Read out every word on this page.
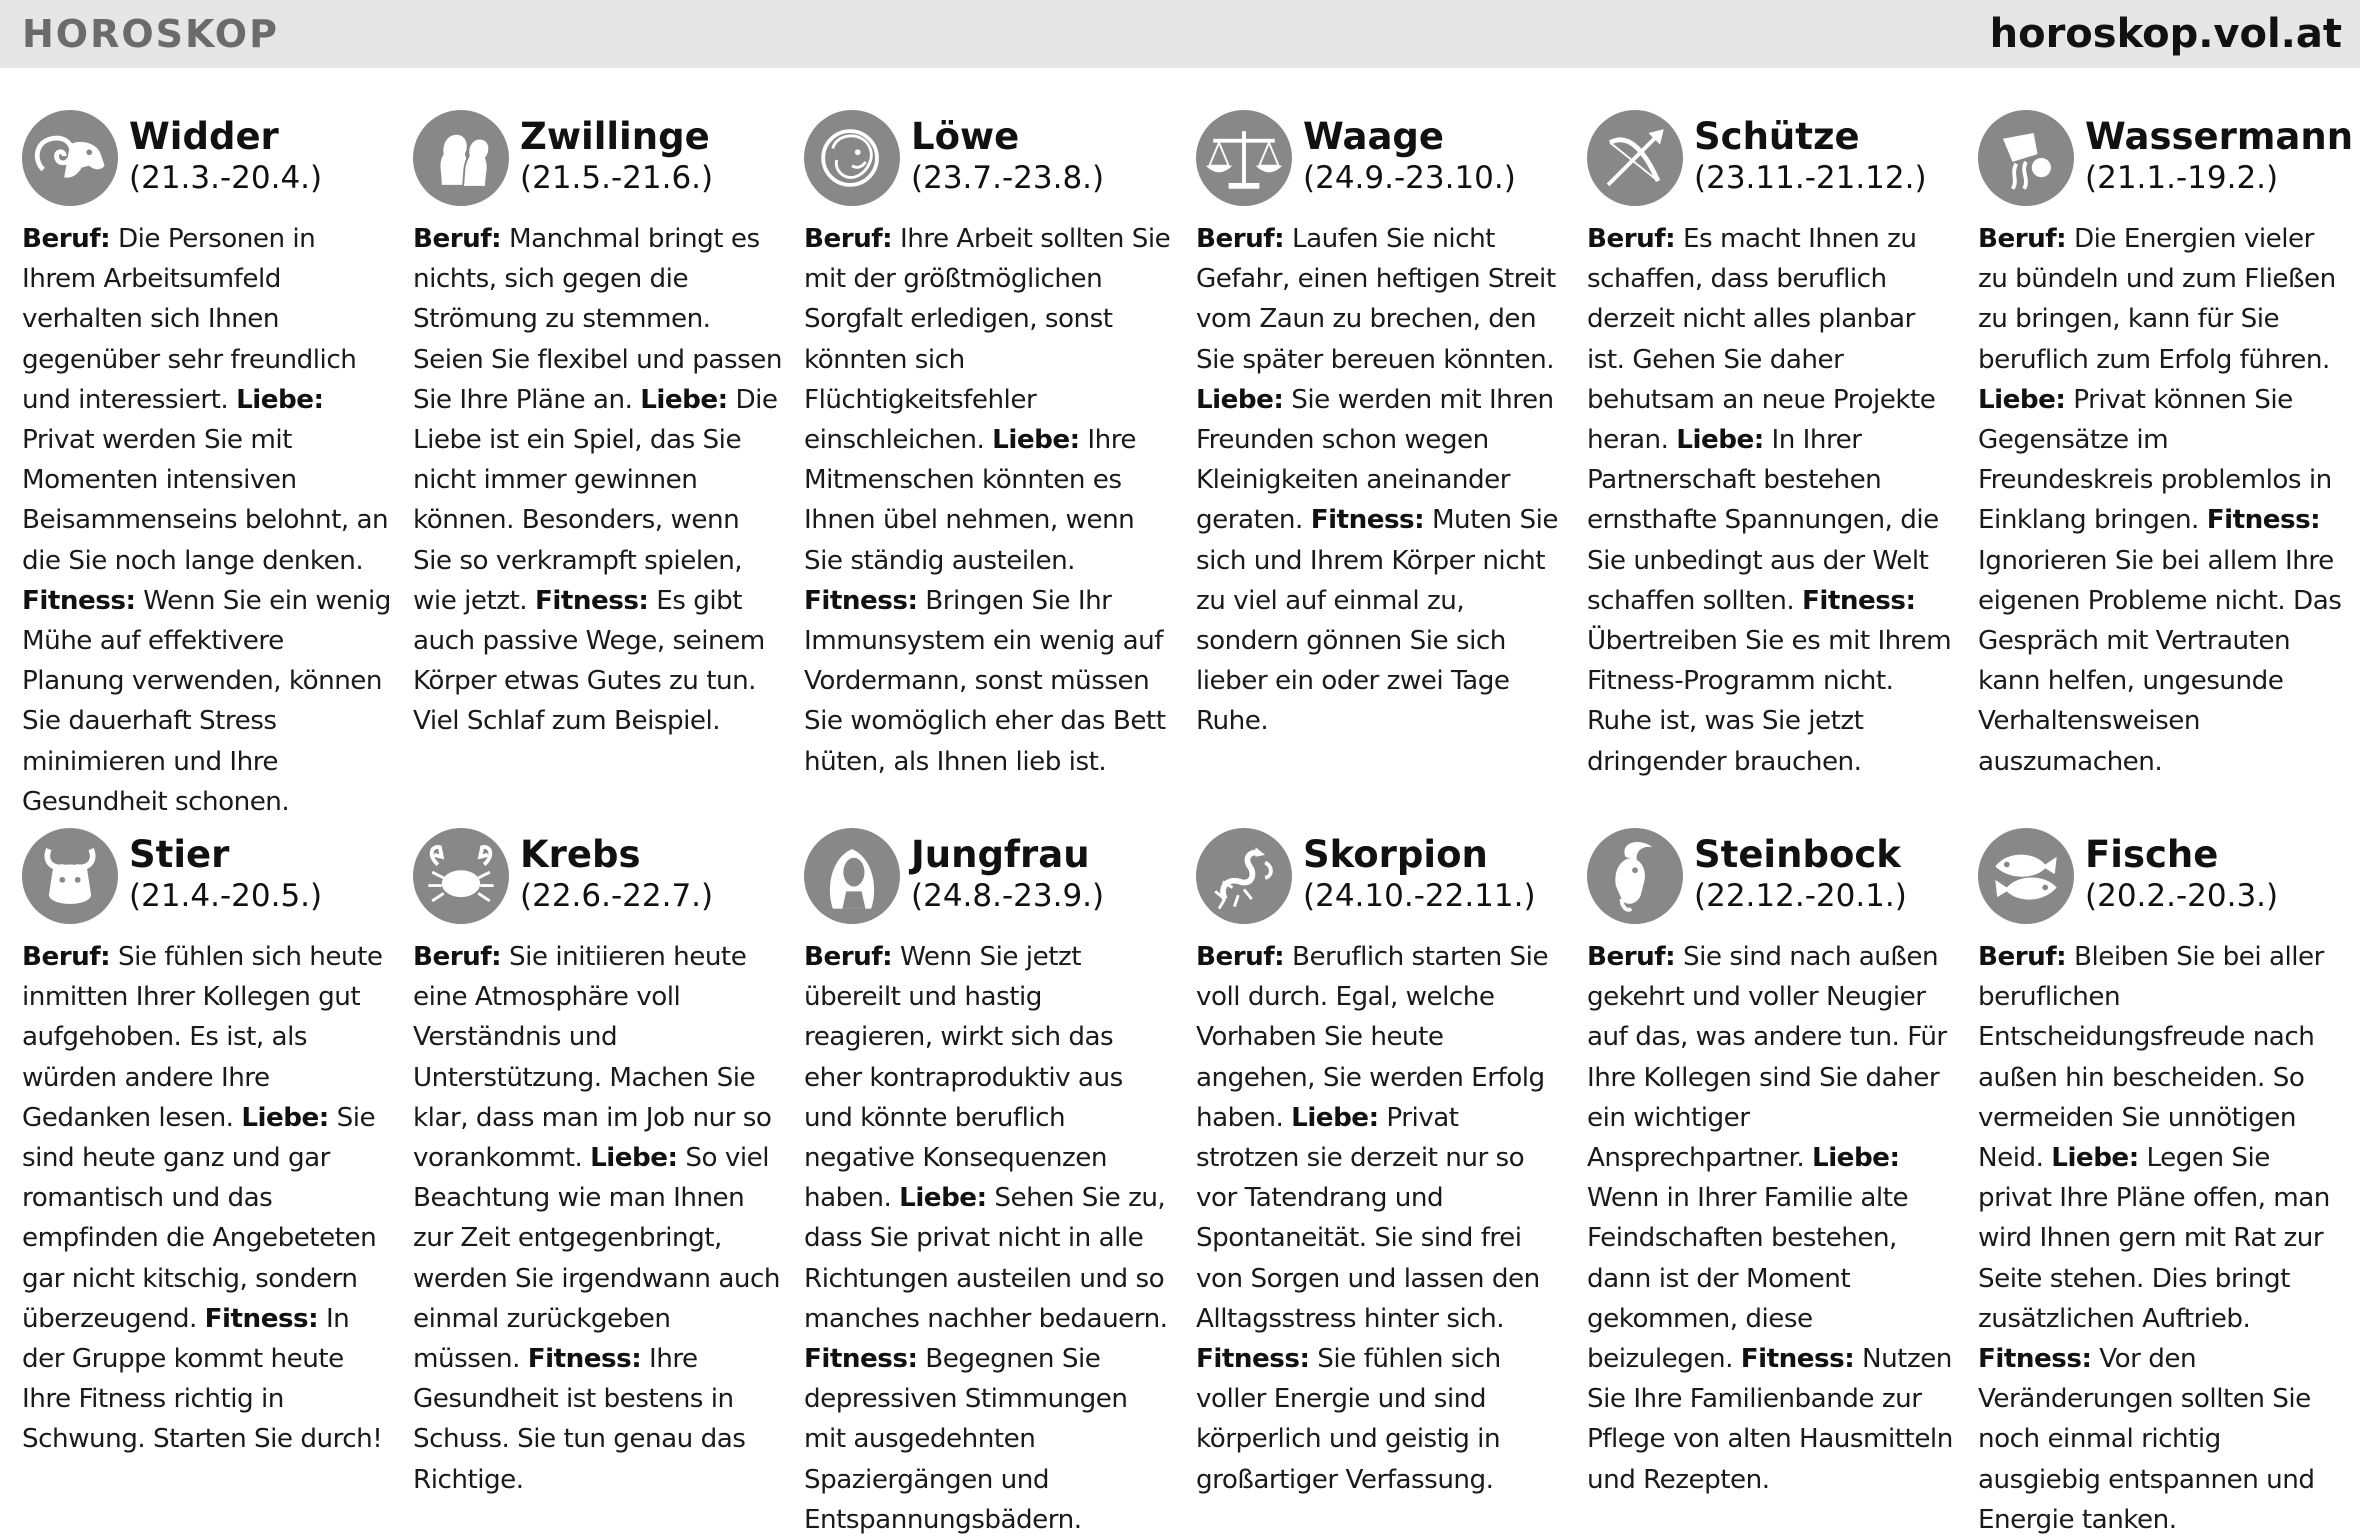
HOROSKOP	horoskop.vol.at
Widder
(21.3.-20.4.)
Beruf: Die Personen in Ihrem Arbeitsumfeld verhalten sich Ihnen gegenüber sehr freundlich und interessiert. Liebe: Privat werden Sie mit Momenten intensiven Beisammenseins belohnt, an die Sie noch lange denken. Fitness: Wenn Sie ein wenig Mühe auf effektivere Planung verwenden, können Sie dauerhaft Stress minimieren und Ihre Gesundheit schonen.
Zwillinge
(21.5.-21.6.)
Beruf: Manchmal bringt es nichts, sich gegen die Strömung zu stemmen. Seien Sie flexibel und passen Sie Ihre Pläne an. Liebe: Die Liebe ist ein Spiel, das Sie nicht immer gewinnen können. Besonders, wenn Sie so verkrampft spielen, wie jetzt. Fitness: Es gibt auch passive Wege, seinem Körper etwas Gutes zu tun. Viel Schlaf zum Beispiel.
Löwe
(23.7.-23.8.)
Beruf: Ihre Arbeit sollten Sie mit der größtmöglichen Sorgfalt erledigen, sonst könnten sich Flüchtigkeitsfehler einschleichen. Liebe: Ihre Mitmenschen könnten es Ihnen übel nehmen, wenn Sie ständig austeilen. Fitness: Bringen Sie Ihr Immunsystem ein wenig auf Vordermann, sonst müssen Sie womöglich eher das Bett hüten, als Ihnen lieb ist.
Waage
(24.9.-23.10.)
Beruf: Laufen Sie nicht Gefahr, einen heftigen Streit vom Zaun zu brechen, den Sie später bereuen könnten. Liebe: Sie werden mit Ihren Freunden schon wegen Kleinigkeiten aneinander geraten. Fitness: Muten Sie sich und Ihrem Körper nicht zu viel auf einmal zu, sondern gönnen Sie sich lieber ein oder zwei Tage Ruhe.
Schütze
(23.11.-21.12.)
Beruf: Es macht Ihnen zu schaffen, dass beruflich derzeit nicht alles planbar ist. Gehen Sie daher behutsam an neue Projekte heran. Liebe: In Ihrer Partnerschaft bestehen ernsthafte Spannungen, die Sie unbedingt aus der Welt schaffen sollten. Fitness: Übertreiben Sie es mit Ihrem Fitness-Programm nicht. Ruhe ist, was Sie jetzt dringender brauchen.
Wassermann
(21.1.-19.2.)
Beruf: Die Energien vieler zu bündeln und zum Fließen zu bringen, kann für Sie beruflich zum Erfolg führen. Liebe: Privat können Sie Gegensätze im Freundeskreis problemlos in Einklang bringen. Fitness: Ignorieren Sie bei allem Ihre eigenen Probleme nicht. Das Gespräch mit Vertrauten kann helfen, ungesunde Verhaltensweisen auszumachen.
Stier
(21.4.-20.5.)
Beruf: Sie fühlen sich heute inmitten Ihrer Kollegen gut aufgehoben. Es ist, als würden andere Ihre Gedanken lesen. Liebe: Sie sind heute ganz und gar romantisch und das empfinden die Angebeteten gar nicht kitschig, sondern überzeugend. Fitness: In der Gruppe kommt heute Ihre Fitness richtig in Schwung. Starten Sie durch!
Krebs
(22.6.-22.7.)
Beruf: Sie initiieren heute eine Atmosphäre voll Verständnis und Unterstützung. Machen Sie klar, dass man im Job nur so vorankommt. Liebe: So viel Beachtung wie man Ihnen zur Zeit entgegenbringt, werden Sie irgendwann auch einmal zurückgeben müssen. Fitness: Ihre Gesundheit ist bestens in Schuss. Sie tun genau das Richtige.
Jungfrau
(24.8.-23.9.)
Beruf: Wenn Sie jetzt übereilt und hastig reagieren, wirkt sich das eher kontraproduktiv aus und könnte beruflich negative Konsequenzen haben. Liebe: Sehen Sie zu, dass Sie privat nicht in alle Richtungen austeilen und so manches nachher bedauern. Fitness: Begegnen Sie depressiven Stimmungen mit ausgedehnten Spaziergängen und Entspannungsbädern.
Skorpion
(24.10.-22.11.)
Beruf: Beruflich starten Sie voll durch. Egal, welche Vorhaben Sie heute angehen, Sie werden Erfolg haben. Liebe: Privat strotzen sie derzeit nur so vor Tatendrang und Spontaneität. Sie sind frei von Sorgen und lassen den Alltagsstress hinter sich. Fitness: Sie fühlen sich voller Energie und sind körperlich und geistig in großartiger Verfassung.
Steinbock
(22.12.-20.1.)
Beruf: Sie sind nach außen gekehrt und voller Neugier auf das, was andere tun. Für Ihre Kollegen sind Sie daher ein wichtiger Ansprechpartner. Liebe: Wenn in Ihrer Familie alte Feindschaften bestehen, dann ist der Moment gekommen, diese beizulegen. Fitness: Nutzen Sie Ihre Familienbande zur Pflege von alten Hausmitteln und Rezepten.
Fische
(20.2.-20.3.)
Beruf: Bleiben Sie bei aller beruflichen Entscheidungsfreude nach außen hin bescheiden. So vermeiden Sie unnötigen Neid. Liebe: Legen Sie privat Ihre Pläne offen, man wird Ihnen gern mit Rat zur Seite stehen. Dies bringt zusätzlichen Auftrieb. Fitness: Vor den Veränderungen sollten Sie noch einmal richtig ausgiebig entspannen und Energie tanken.
